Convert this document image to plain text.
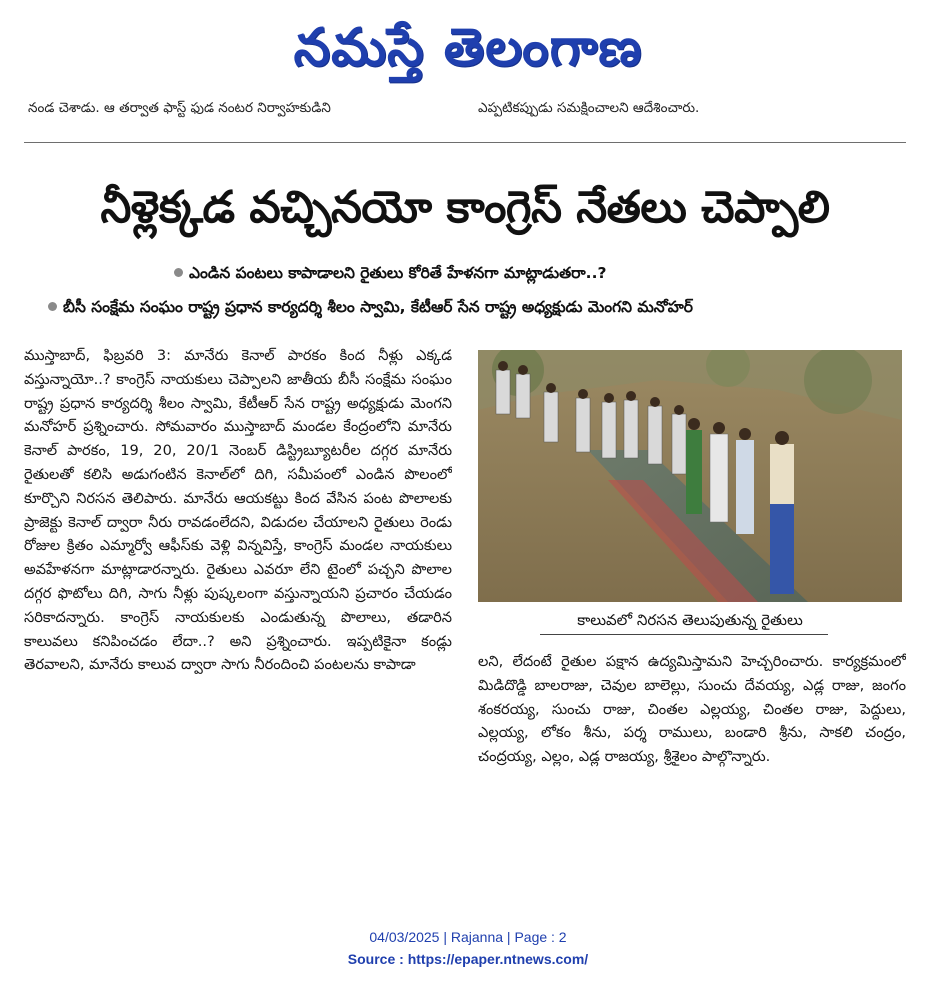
నమస్తే తెలంగాణ
నండ చెశాడు. ఆ తర్వాత ఫాస్ట్ ఫుడ నంటర నిర్వాహకుడిని	ఎప్పటికప్పుడు సమక్షించాలని ఆదేశించారు.
నీళ్లెక్కడ వచ్చినయో కాంగ్రెస్ నేతలు చెప్పాలి
ఎండిన పంటలు కాపాడాలని రైతులు కోరితే హేళనగా మాట్లాడుతరా..?
బీసీ సంక్షేమ సంఘం రాష్ట్ర ప్రధాన కార్యదర్శి శీలం స్వామి, కేటీఆర్ సేన రాష్ట్ర అధ్యక్షుడు మెంగని మనోహర్
ముస్తాబాద్, ఫిబ్రవరి 3: మానేరు కెనాల్ పారకం కింద నీళ్లు ఎక్కడ వస్తున్నాయో..? కాంగ్రెస్ నాయకులు చెప్పాలని జాతీయ బీసీ సంక్షేమ సంఘం రాష్ట్ర ప్రధాన కార్యదర్శి శీలం స్వామి, కేటీఆర్ సేన రాష్ట్ర అధ్యక్షుడు మెంగని మనోహర్ ప్రశ్నించారు. సోమవారం ముస్తాబాద్ మండల కేంద్రంలోని మానేరు కెనాల్ పారకం, 19, 20, 20/1 నెంబర్ డిస్ట్రిబ్యూటరీల దగ్గర మానేరు రైతులతో కలిసి అడుగంటిన కెనాల్‌లో దిగి, సమీపంలో ఎండిన పొలంలో కూర్చొని నిరసన తెలిపారు. మానేరు ఆయకట్టు కింద వేసిన పంట పొలాలకు ప్రాజెక్టు కెనాల్ ద్వారా నీరు రావడంలేదని, విడుదల చేయాలని రైతులు రెండు రోజుల క్రితం ఎమ్మార్వో ఆఫీస్‌కు వెళ్లి విన్నవిస్తే, కాంగ్రెస్ మండల నాయకులు అవహేళనగా మాట్లాడారన్నారు. రైతులు ఎవరూ లేని టైంలో పచ్చని పొలాల దగ్గర ఫొటోలు దిగి, సాగు నీళ్లు పుష్కలంగా వస్తున్నాయని ప్రచారం చేయడం సరికాదన్నారు. కాంగ్రెస్ నాయకులకు ఎండుతున్న పొలాలు, తడారిన కాలువలు కనిపించడం లేదా..? అని ప్రశ్నించారు. ఇప్పటికైనా కండ్లు తెరవాలని, మానేరు కాలువ ద్వారా సాగు నీరందించి పంటలను కాపాడా
కాలువలో నిరసన తెలుపుతున్న రైతులు
లని, లేదంటే రైతుల పక్షాన ఉద్యమిస్తామని హెచ్చరించారు. కార్యక్రమంలో మిడిదొడ్డి బాలరాజు, చెవుల బాలెల్లు, సుంచు దేవయ్య, ఎడ్ల రాజు, జంగం శంకరయ్య, సుంచు రాజు, చింతల ఎల్లయ్య, చింతల రాజు, పెద్దులు, ఎల్లయ్య, లోకం శీను, పర్శ రాములు, బండారి శ్రీను, సాకలి చంద్రం, చంద్రయ్య, ఎల్లం, ఎడ్ల రాజయ్య, శ్రీశైలం పాల్గొన్నారు.
04/03/2025 | Rajanna | Page : 2
Source : https://epaper.ntnews.com/
